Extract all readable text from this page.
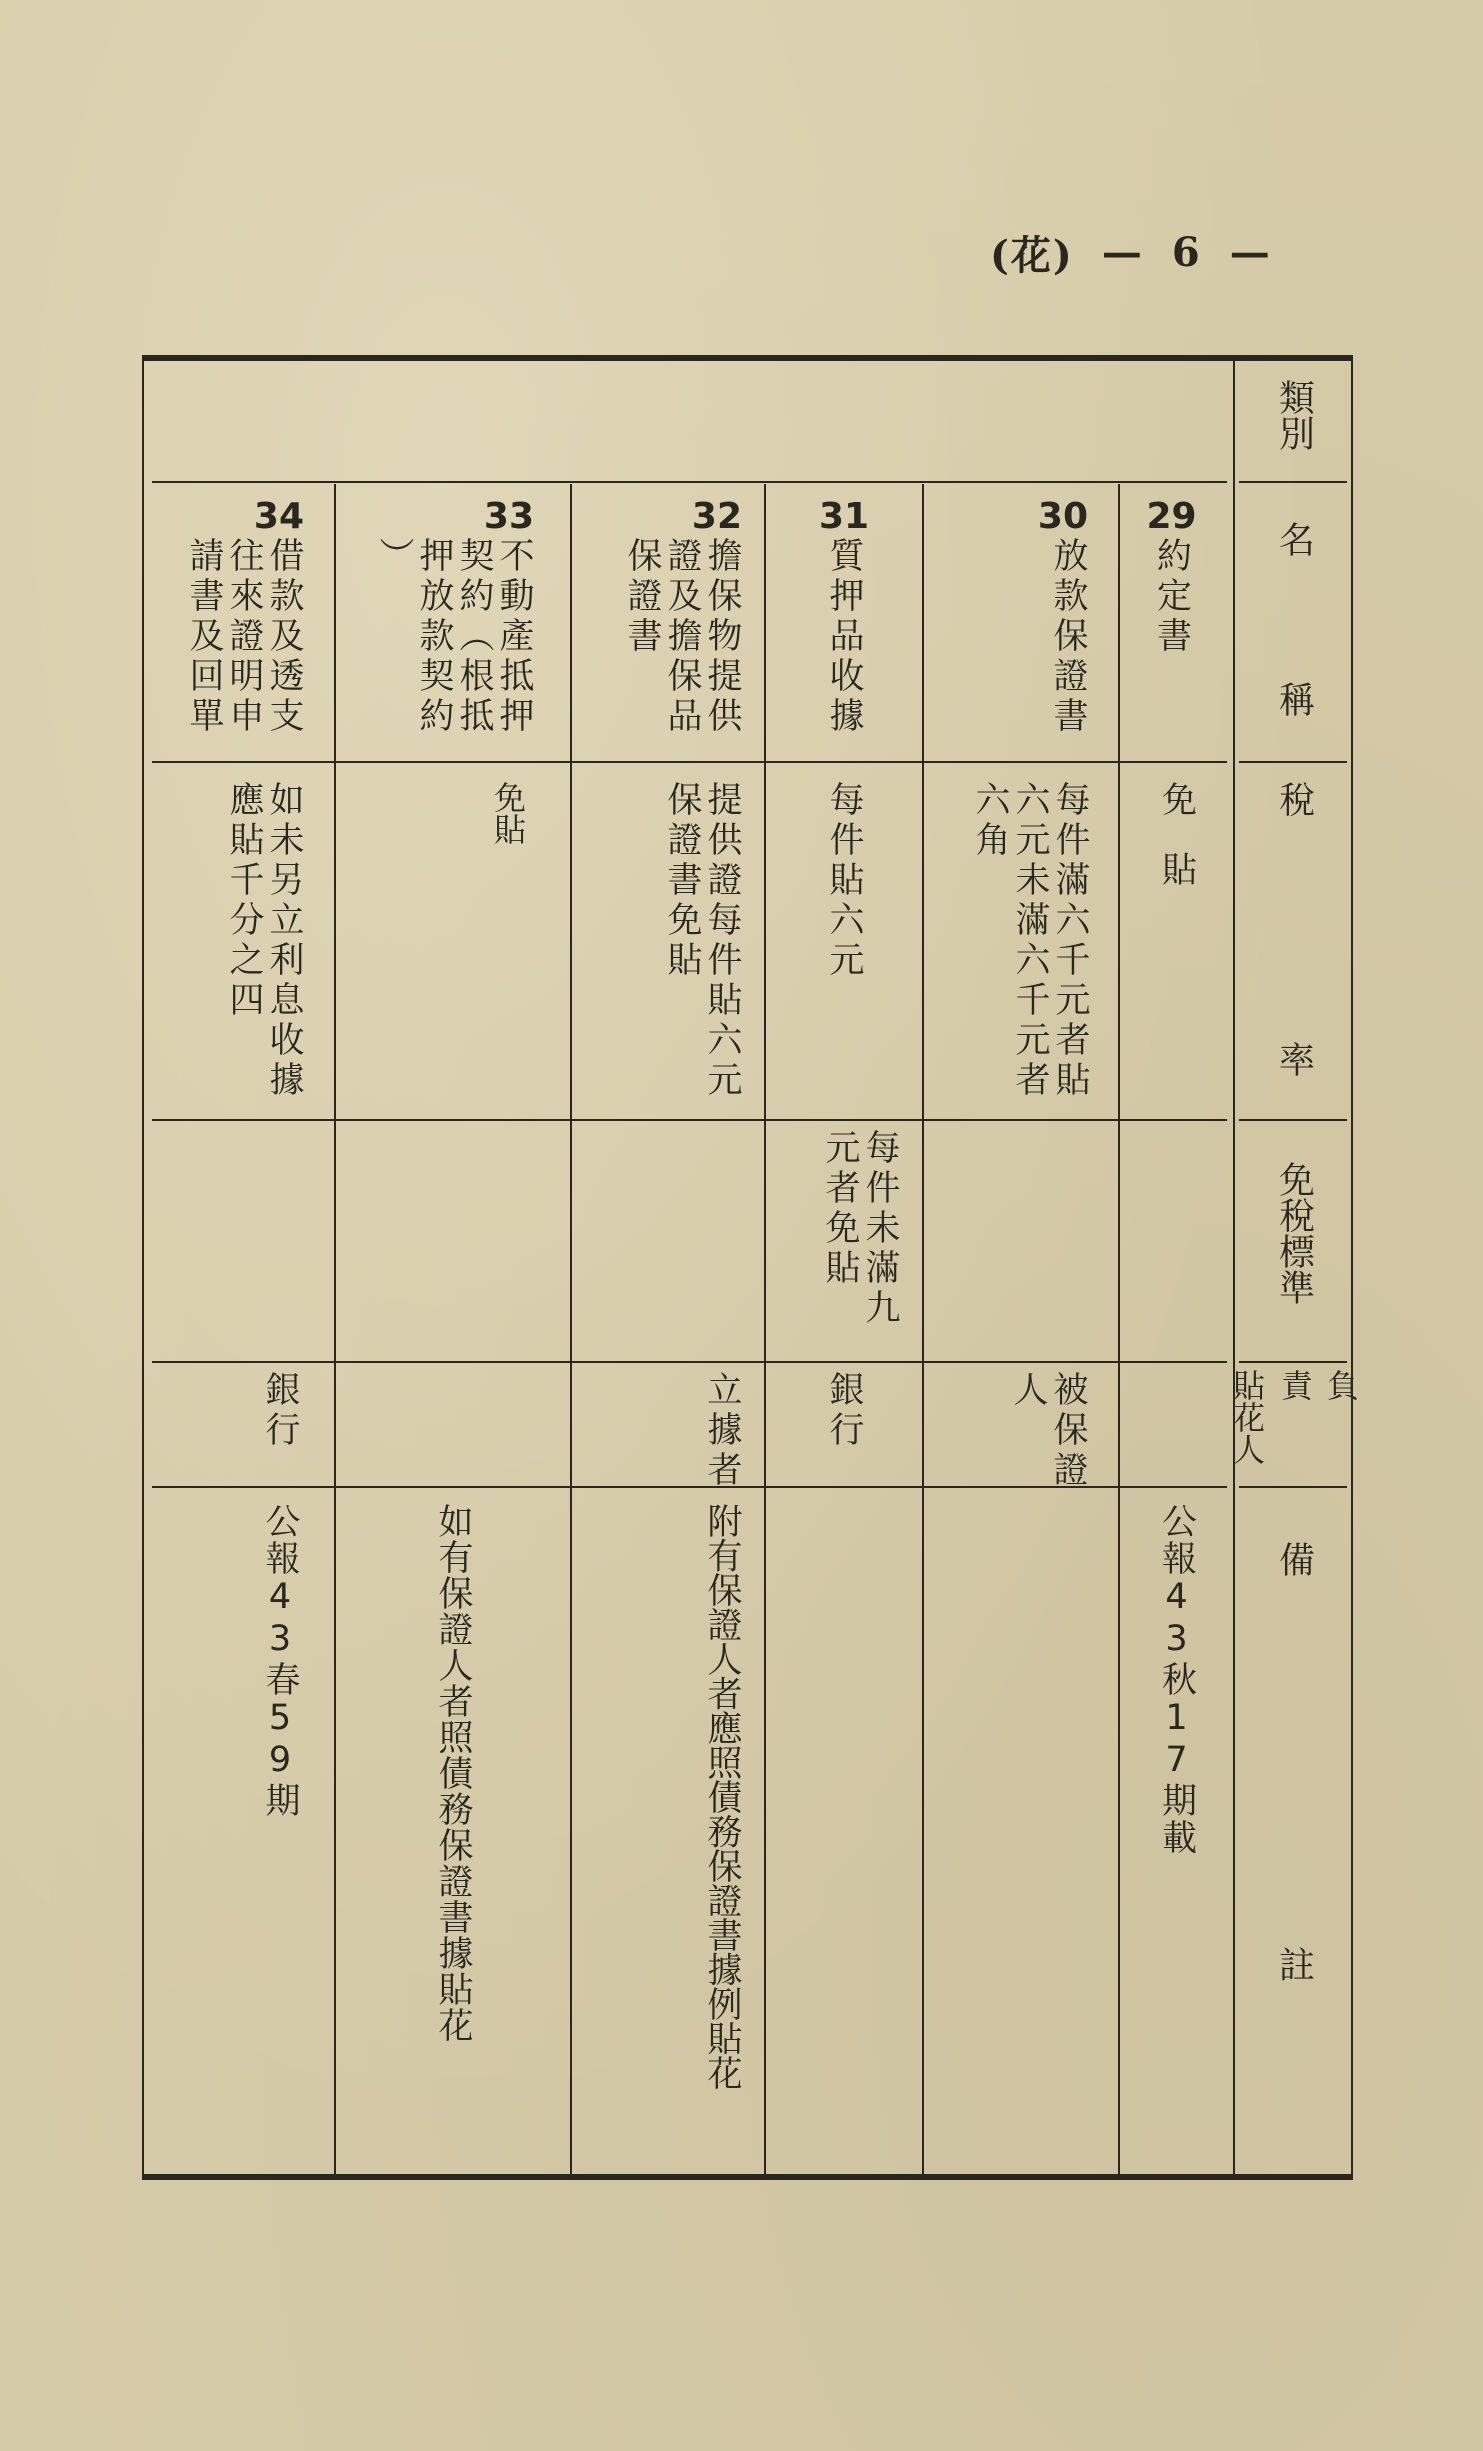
(花) — 6 —
類別
名
稱
稅
率
免稅標準
負責
貼花人
備
註
29
約定書
免
貼
公報43秋17期載
30
放款保證書
每件滿六千元者貼
六元未滿六千元者
六角
被保證
人
31
質押品收據
每件貼六元
每件未滿九
元者免貼
銀行
32
擔保物提供
證及擔保品
保證書
提供證每件貼六元
保證書免貼
立據者
附有保證人者應照債務保證書據例貼花
33
不動產抵押
契約（根抵
押放款契約
）
免貼
如有保證人者照債務保證書據貼花
34
借款及透支
往來證明申
請書及回單
如未另立利息收據
應貼千分之四
銀行
公報43春59期
